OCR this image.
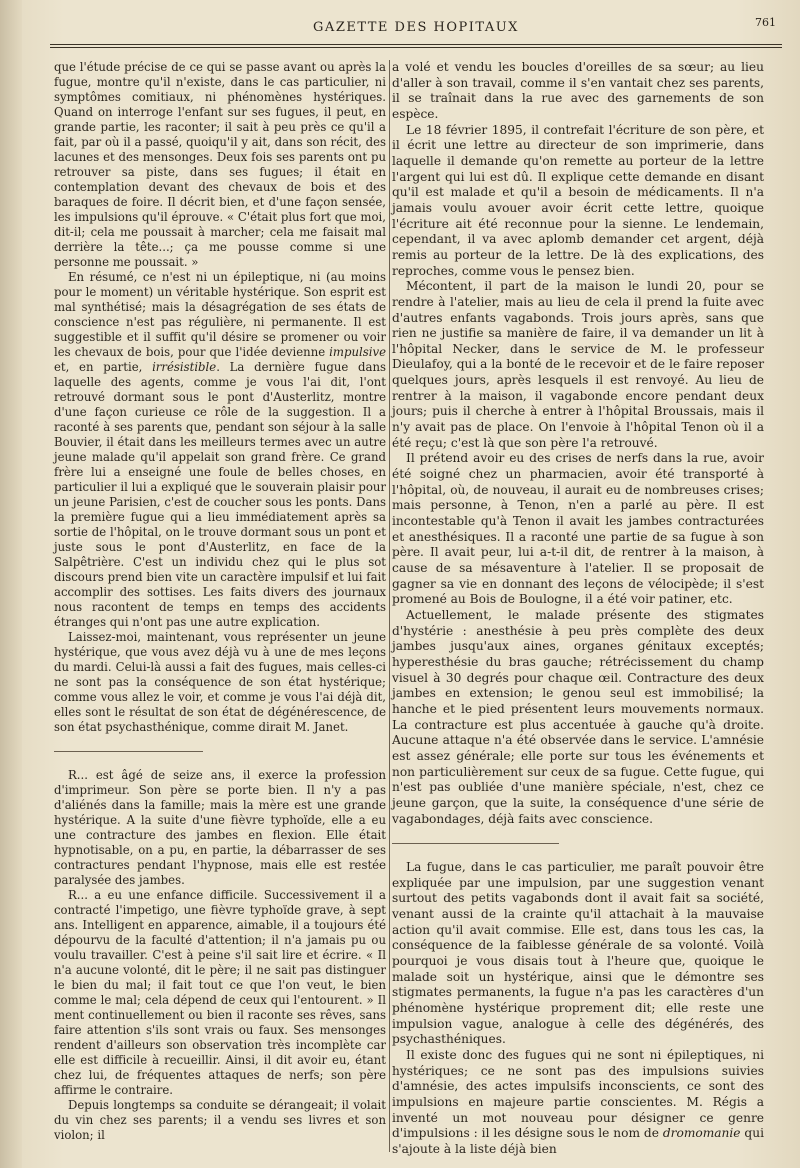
GAZETTE DES HOPITAUX	761

que l'étude précise de ce qui se passe avant ou après la fugue, montre qu'il n'existe, dans le cas particulier, ni symptômes comitiaux, ni phénomènes hystériques. Quand on interroge l'enfant sur ses fugues, il peut, en grande partie, les raconter; il sait à peu près ce qu'il a fait, par où il a passé, quoiqu'il y ait, dans son récit, des lacunes et des mensonges. Deux fois ses parents ont pu retrouver sa piste, dans ses fugues; il était en contemplation devant des chevaux de bois et des baraques de foire. Il décrit bien, et d'une façon sensée, les impulsions qu'il éprouve. « C'était plus fort que moi, dit-il; cela me poussait à marcher; cela me faisait mal derrière la tête...; ça me pousse comme si une personne me poussait. »

En résumé, ce n'est ni un épileptique, ni (au moins pour le moment) un véritable hystérique. Son esprit est mal synthétisé; mais la désagrégation de ses états de conscience n'est pas régulière, ni permanente. Il est suggestible et il suffit qu'il désire se promener ou voir les chevaux de bois, pour que l'idée devienne impulsive et, en partie, irrésistible. La dernière fugue dans laquelle des agents, comme je vous l'ai dit, l'ont retrouvé dormant sous le pont d'Austerlitz, montre d'une façon curieuse ce rôle de la suggestion. Il a raconté à ses parents que, pendant son séjour à la salle Bouvier, il était dans les meilleurs termes avec un autre jeune malade qu'il appelait son grand frère. Ce grand frère lui a enseigné une foule de belles choses, en particulier il lui a expliqué que le souverain plaisir pour un jeune Parisien, c'est de coucher sous les ponts. Dans la première fugue qui a lieu immédiatement après sa sortie de l'hôpital, on le trouve dormant sous un pont et juste sous le pont d'Austerlitz, en face de la Salpêtrière. C'est un individu chez qui le plus sot discours prend bien vite un caractère impulsif et lui fait accomplir des sottises. Les faits divers des journaux nous racontent de temps en temps des accidents étranges qui n'ont pas une autre explication.

Laissez-moi, maintenant, vous représenter un jeune hystérique, que vous avez déjà vu à une de mes leçons du mardi. Celui-là aussi a fait des fugues, mais celles-ci ne sont pas la conséquence de son état hystérique; comme vous allez le voir, et comme je vous l'ai déjà dit, elles sont le résultat de son état de dégénérescence, de son état psychasthénique, comme dirait M. Janet.

R... est âgé de seize ans, il exerce la profession d'imprimeur. Son père se porte bien. Il n'y a pas d'aliénés dans la famille; mais la mère est une grande hystérique. A la suite d'une fièvre typhoïde, elle a eu une contracture des jambes en flexion. Elle était hypnotisable, on a pu, en partie, la débarrasser de ses contractures pendant l'hypnose, mais elle est restée paralysée des jambes.

R... a eu une enfance difficile. Successivement il a contracté l'impetigo, une fièvre typhoïde grave, à sept ans. Intelligent en apparence, aimable, il a toujours été dépourvu de la faculté d'attention; il n'a jamais pu ou voulu travailler. C'est à peine s'il sait lire et écrire. « Il n'a aucune volonté, dit le père; il ne sait pas distinguer le bien du mal; il fait tout ce que l'on veut, le bien comme le mal; cela dépend de ceux qui l'entourent. » Il ment continuellement ou bien il raconte ses rêves, sans faire attention s'ils sont vrais ou faux. Ses mensonges rendent d'ailleurs son observation très incomplète car elle est difficile à recueillir. Ainsi, il dit avoir eu, étant chez lui, de fréquentes attaques de nerfs; son père affirme le contraire.

Depuis longtemps sa conduite se dérangeait; il volait du vin chez ses parents; il a vendu ses livres et son violon; il

a volé et vendu les boucles d'oreilles de sa sœur; au lieu d'aller à son travail, comme il s'en vantait chez ses parents, il se traînait dans la rue avec des garnements de son espèce.

Le 18 février 1895, il contrefait l'écriture de son père, et il écrit une lettre au directeur de son imprimerie, dans laquelle il demande qu'on remette au porteur de la lettre l'argent qui lui est dû. Il explique cette demande en disant qu'il est malade et qu'il a besoin de médicaments. Il n'a jamais voulu avouer avoir écrit cette lettre, quoique l'écriture ait été reconnue pour la sienne. Le lendemain, cependant, il va avec aplomb demander cet argent, déjà remis au porteur de la lettre. De là des explications, des reproches, comme vous le pensez bien.

Mécontent, il part de la maison le lundi 20, pour se rendre à l'atelier, mais au lieu de cela il prend la fuite avec d'autres enfants vagabonds. Trois jours après, sans que rien ne justifie sa manière de faire, il va demander un lit à l'hôpital Necker, dans le service de M. le professeur Dieulafoy, qui a la bonté de le recevoir et de le faire reposer quelques jours, après lesquels il est renvoyé. Au lieu de rentrer à la maison, il vagabonde encore pendant deux jours; puis il cherche à entrer à l'hôpital Broussais, mais il n'y avait pas de place. On l'envoie à l'hôpital Tenon où il a été reçu; c'est là que son père l'a retrouvé.

Il prétend avoir eu des crises de nerfs dans la rue, avoir été soigné chez un pharmacien, avoir été transporté à l'hôpital, où, de nouveau, il aurait eu de nombreuses crises; mais personne, à Tenon, n'en a parlé au père. Il est incontestable qu'à Tenon il avait les jambes contracturées et anesthésiques. Il a raconté une partie de sa fugue à son père. Il avait peur, lui a-t-il dit, de rentrer à la maison, à cause de sa mésaventure à l'atelier. Il se proposait de gagner sa vie en donnant des leçons de vélocipède; il s'est promené au Bois de Boulogne, il a été voir patiner, etc.

Actuellement, le malade présente des stigmates d'hystérie : anesthésie à peu près complète des deux jambes jusqu'aux aines, organes génitaux exceptés; hyperesthésie du bras gauche; rétrécissement du champ visuel à 30 degrés pour chaque œil. Contracture des deux jambes en extension; le genou seul est immobilisé; la hanche et le pied présentent leurs mouvements normaux. La contracture est plus accentuée à gauche qu'à droite. Aucune attaque n'a été observée dans le service. L'amnésie est assez générale; elle porte sur tous les événements et non particulièrement sur ceux de sa fugue. Cette fugue, qui n'est pas oubliée d'une manière spéciale, n'est, chez ce jeune garçon, que la suite, la conséquence d'une série de vagabondages, déjà faits avec conscience.

La fugue, dans le cas particulier, me paraît pouvoir être expliquée par une impulsion, par une suggestion venant surtout des petits vagabonds dont il avait fait sa société, venant aussi de la crainte qu'il attachait à la mauvaise action qu'il avait commise. Elle est, dans tous les cas, la conséquence de la faiblesse générale de sa volonté. Voilà pourquoi je vous disais tout à l'heure que, quoique le malade soit un hystérique, ainsi que le démontre ses stigmates permanents, la fugue n'a pas les caractères d'un phénomène hystérique proprement dit; elle reste une impulsion vague, analogue à celle des dégénérés, des psychasthéniques.

Il existe donc des fugues qui ne sont ni épileptiques, ni hystériques; ce ne sont pas des impulsions suivies d'amnésie, des actes impulsifs inconscients, ce sont des impulsions en majeure partie conscientes. M. Régis a inventé un mot nouveau pour désigner ce genre d'impulsions : il les désigne sous le nom de dromomanie qui s'ajoute à la liste déjà bien
